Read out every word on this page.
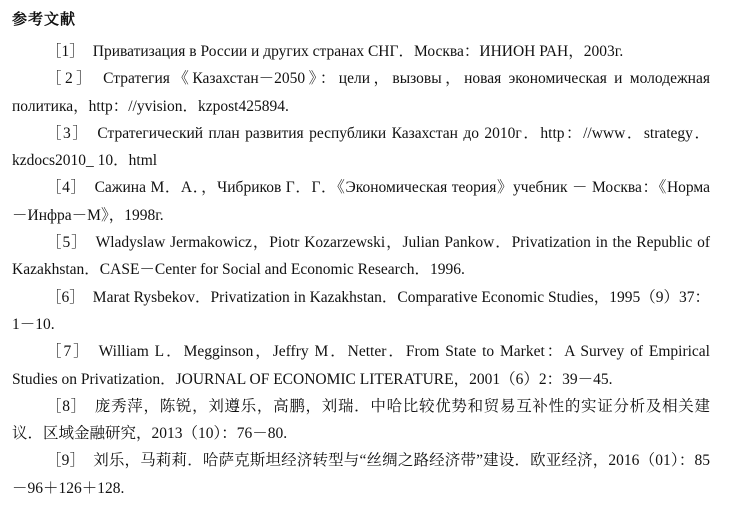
参考文献

［1］ Приватизация в России и других странах СНГ．Москва：ИНИОН РАН，2003г.

［2］ Стратегия《Казахстан－2050》：цели，вызовы，новая экономическая и молодежная политика，http：//yvision．kzpost425894.

［3］ Стратегический план развития республики Казахстан до 2010г．http：//www．strategy．kzdocs2010_ 10．html

［4］ Сажина М．А．，Чибриков Г．Г．《Экономическая теория》учебник － Москва：《Норма－Инфра－М》，1998г.

［5］ Wladyslaw Jermakowicz，Piotr Kozarzewski，Julian Pankow．Privatization in the Republic of Kazakhstan．CASE－Center for Social and Economic Research．1996.

［6］ Marat Rysbekov．Privatization in Kazakhstan．Comparative Economic Studies，1995（9）37：1－10.

［7］ William L．Megginson，Jeffry M．Netter．From State to Market：A Survey of Empirical Studies on Privatization．JOURNAL OF ECONOMIC LITERATURE，2001（6）2：39－45.

［8］ 庞秀萍，陈锐，刘遵乐，高鹏，刘瑞．中哈比较优势和贸易互补性的实证分析及相关建议．区域金融研究，2013（10）：76－80.

［9］ 刘乐，马莉莉．哈萨克斯坦经济转型与“丝绸之路经济带”建设．欧亚经济，2016（01）：85－96＋126＋128.
